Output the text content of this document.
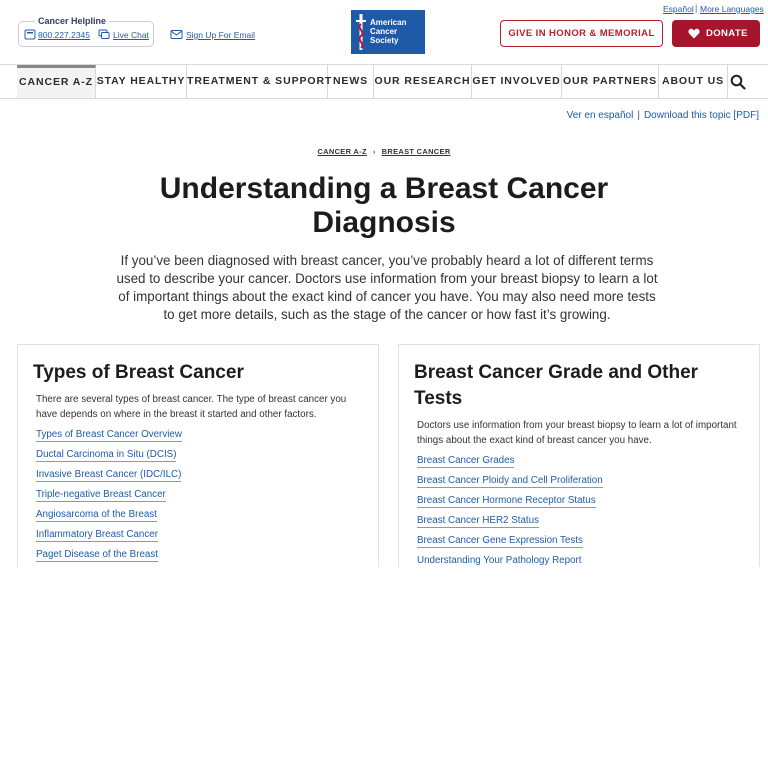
Cancer Helpline
800.227.2345	Live Chat	Sign Up For Email
American
Cancer
Society
Español | More Languages
GIVE IN HONOR & MEMORIAL	DONATE
CANCER A-Z STAY HEALTHY TREATMENT & SUPPORT NEWS OUR RESEARCH GET INVOLVED OUR PARTNERS ABOUT US
Ver en español | Download this topic [PDF]
CANCER A-Z › BREAST CANCER
Understanding a Breast Cancer Diagnosis

If you’ve been diagnosed with breast cancer, you’ve probably heard a lot of different terms used to describe your cancer. Doctors use information from your breast biopsy to learn a lot of important things about the exact kind of cancer you have. You may also need more tests to get more details, such as the stage of the cancer or how fast it’s growing.

Types of Breast Cancer

There are several types of breast cancer. The type of breast cancer you have depends on where in the breast it started and other factors.

Types of Breast Cancer Overview
Ductal Carcinoma in Situ (DCIS)
Invasive Breast Cancer (IDC/ILC)
Triple-negative Breast Cancer
Angiosarcoma of the Breast
Inflammatory Breast Cancer
Paget Disease of the Breast
Breast Cancer Grade and Other Tests

Doctors use information from your breast biopsy to learn a lot of important things about the exact kind of breast cancer you have.

Breast Cancer Grades
Breast Cancer Ploidy and Cell Proliferation
Breast Cancer Hormone Receptor Status
Breast Cancer HER2 Status
Breast Cancer Gene Expression Tests
Understanding Your Pathology Report
